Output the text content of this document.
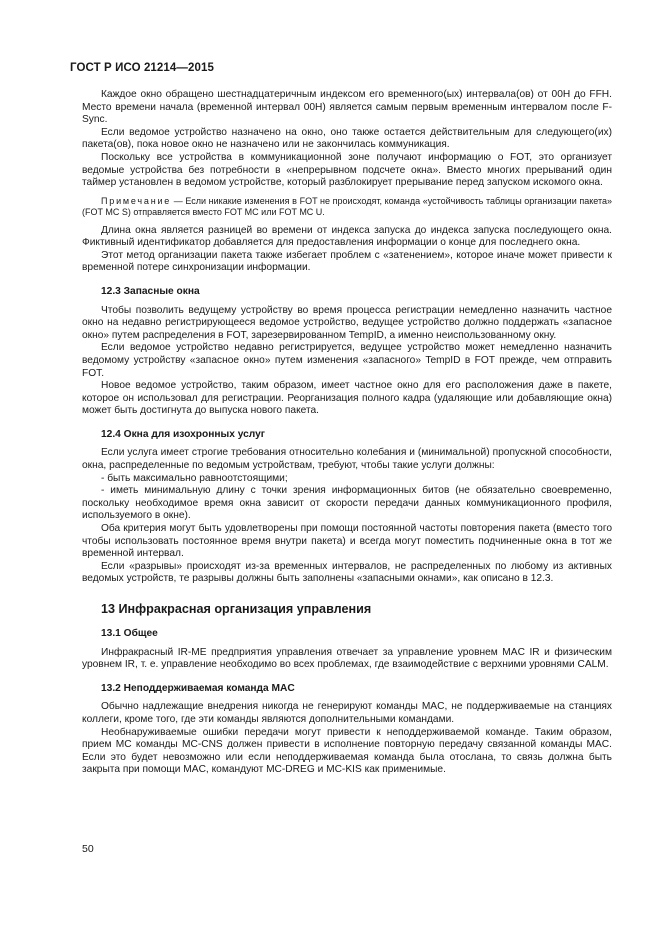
ГОСТ Р ИСО 21214—2015

Каждое окно обращено шестнадцатеричным индексом его временного(ых) интервала(ов) от 00H до FFH. Место времени начала (временной интервал 00H) является самым первым временным интервалом после F-Sync.

Если ведомое устройство назначено на окно, оно также остается действительным для следующего(их) пакета(ов), пока новое окно не назначено или не закончилась коммуникация.

Поскольку все устройства в коммуникационной зоне получают информацию о FOT, это организует ведомые устройства без потребности в «непрерывном подсчете окна». Вместо многих прерываний один таймер установлен в ведомом устройстве, который разблокирует прерывание перед запуском искомого окна.

Примечание — Если никакие изменения в FOT не происходят, команда «устойчивость таблицы организации пакета» (FOT MC S) отправляется вместо FOT MC или FOT MC U.

Длина окна является разницей во времени от индекса запуска до индекса запуска последующего окна. Фиктивный идентификатор добавляется для предоставления информации о конце для последнего окна.

Этот метод организации пакета также избегает проблем с «затенением», которое иначе может привести к временной потере синхронизации информации.

12.3 Запасные окна

Чтобы позволить ведущему устройству во время процесса регистрации немедленно назначить частное окно на недавно регистрирующееся ведомое устройство, ведущее устройство должно поддержать «запасное окно» путем распределения в FOT, зарезервированном TempID, а именно неиспользованному окну.

Если ведомое устройство недавно регистрируется, ведущее устройство может немедленно назначить ведомому устройству «запасное окно» путем изменения «запасного» TempID в FOT прежде, чем отправить FOT.

Новое ведомое устройство, таким образом, имеет частное окно для его расположения даже в пакете, которое он использовал для регистрации. Реорганизация полного кадра (удаляющие или добавляющие окна) может быть достигнута до выпуска нового пакета.

12.4 Окна для изохронных услуг

Если услуга имеет строгие требования относительно колебания и (минимальной) пропускной способности, окна, распределенные по ведомым устройствам, требуют, чтобы такие услуги должны:

- быть максимально равноотстоящими;

- иметь минимальную длину с точки зрения информационных битов (не обязательно своевременно, поскольку необходимое время окна зависит от скорости передачи данных коммуникационного профиля, используемого в окне).

Оба критерия могут быть удовлетворены при помощи постоянной частоты повторения пакета (вместо того чтобы использовать постоянное время внутри пакета) и всегда могут поместить подчиненные окна в тот же временной интервал.

Если «разрывы» происходят из-за временных интервалов, не распределенных по любому из активных ведомых устройств, те разрывы должны быть заполнены «запасными окнами», как описано в 12.3.

13 Инфракрасная организация управления
13.1 Общее

Инфракрасный IR-ME предприятия управления отвечает за управление уровнем MAC IR и физическим уровнем IR, т. е. управление необходимо во всех проблемах, где взаимодействие с верхними уровнями CALM.

13.2 Неподдерживаемая команда MAC

Обычно надлежащие внедрения никогда не генерируют команды MAC, не поддерживаемые на станциях коллеги, кроме того, где эти команды являются дополнительными командами.

Необнаруживаемые ошибки передачи могут привести к неподдерживаемой команде. Таким образом, прием MC команды MC-CNS должен привести в исполнение повторную передачу связанной команды MAC. Если это будет невозможно или если неподдерживаемая команда была отослана, то связь должна быть закрыта при помощи MAC, командуют MC-DREG и MC-KIS как применимые.

50
